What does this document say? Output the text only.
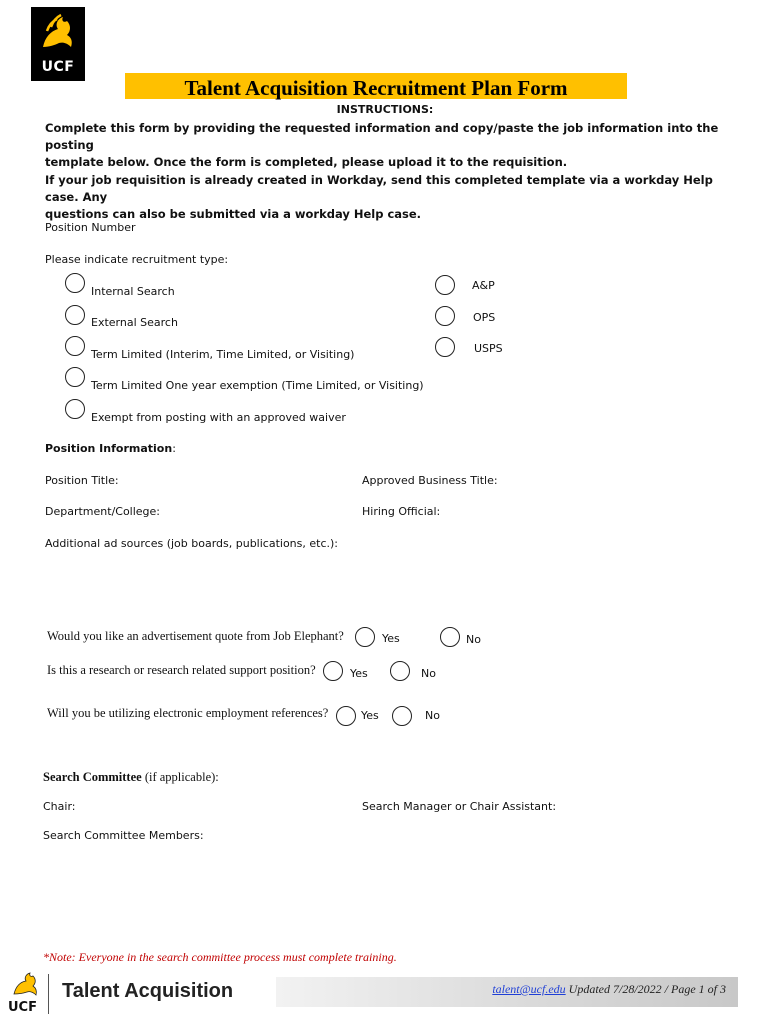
UCF
Talent Acquisition Recruitment Plan Form
INSTRUCTIONS:
Complete this form by providing the requested information and copy/paste the job information into the posting
template below. Once the form is completed, please upload it to the requisition.
If your job requisition is already created in Workday, send this completed template via a workday Help case. Any
questions can also be submitted via a workday Help case.
Position Number
Please indicate recruitment type:
Internal Search
External Search
Term Limited (Interim, Time Limited, or Visiting)
Term Limited One year exemption (Time Limited, or Visiting)
Exempt from posting with an approved waiver
A&P
OPS
USPS
Position Information:
Position Title:	Approved Business Title:
Department/College:	Hiring Official:
Additional ad sources (job boards, publications, etc.):
Would you like an advertisement quote from Job Elephant?	Yes	No
Is this a research or research related support position?	Yes	No
Will you be utilizing electronic employment references?	Yes	No
Search Committee (if applicable):
Chair:	Search Manager or Chair Assistant:
Search Committee Members:
*Note: Everyone in the search committee process must complete training.
UCF
Talent Acquisition	talent@ucf.edu Updated 7/28/2022 / Page 1 of 3
